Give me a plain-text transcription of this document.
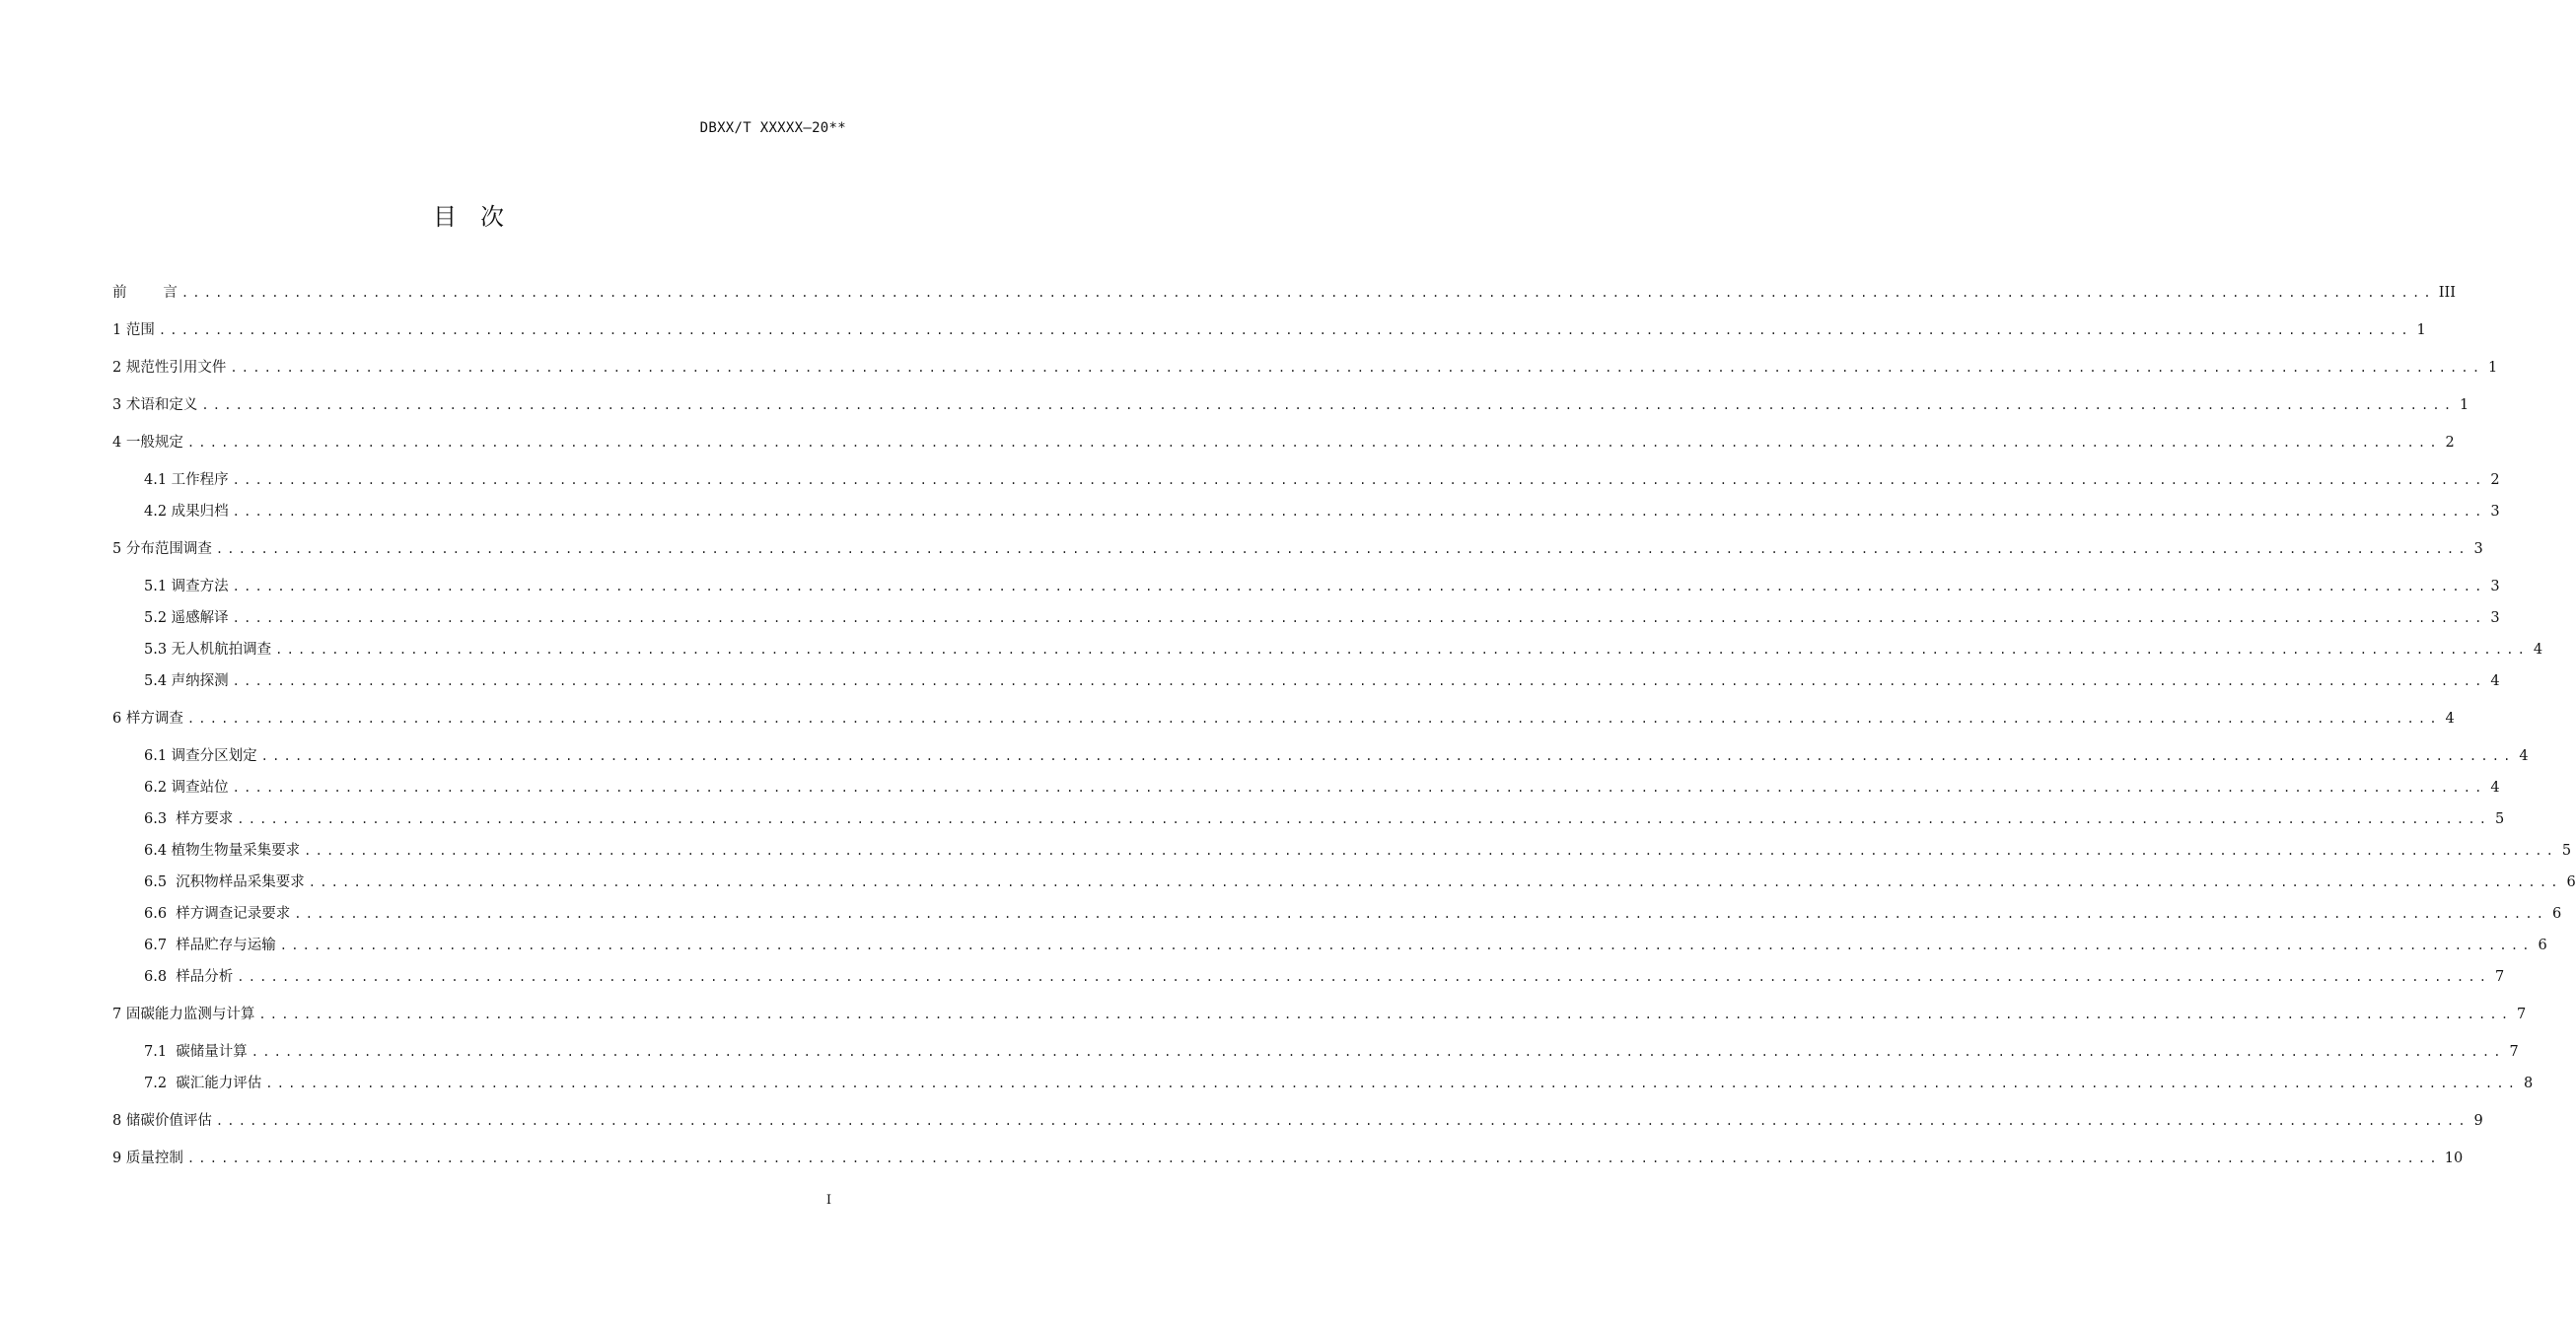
DBXX/T XXXXX—20**
目次
前        言 ........................................................................................................................................................................................................ III
1 范围 ........................................................................................................................................................................................................ 1
2 规范性引用文件 ........................................................................................................................................................................................................ 1
3 术语和定义 ........................................................................................................................................................................................................ 1
4 一般规定 ........................................................................................................................................................................................................ 2
4.1 工作程序 ........................................................................................................................................................................................................ 2
4.2 成果归档 ........................................................................................................................................................................................................ 3
5 分布范围调查 ........................................................................................................................................................................................................ 3
5.1 调查方法 ........................................................................................................................................................................................................ 3
5.2 遥感解译 ........................................................................................................................................................................................................ 3
5.3 无人机航拍调查 ........................................................................................................................................................................................................ 4
5.4 声纳探测 ........................................................................................................................................................................................................ 4
6 样方调查 ........................................................................................................................................................................................................ 4
6.1 调查分区划定 ........................................................................................................................................................................................................ 4
6.2 调查站位 ........................................................................................................................................................................................................ 4
6.3  样方要求 ........................................................................................................................................................................................................ 5
6.4 植物生物量采集要求 ........................................................................................................................................................................................................ 5
6.5  沉积物样品采集要求 ........................................................................................................................................................................................................ 6
6.6  样方调查记录要求 ........................................................................................................................................................................................................ 6
6.7  样品贮存与运输 ........................................................................................................................................................................................................ 6
6.8  样品分析 ........................................................................................................................................................................................................ 7
7 固碳能力监测与计算 ........................................................................................................................................................................................................ 7
7.1  碳储量计算 ........................................................................................................................................................................................................ 7
7.2  碳汇能力评估 ........................................................................................................................................................................................................ 8
8 储碳价值评估 ........................................................................................................................................................................................................ 9
9 质量控制 ........................................................................................................................................................................................................ 10
I
